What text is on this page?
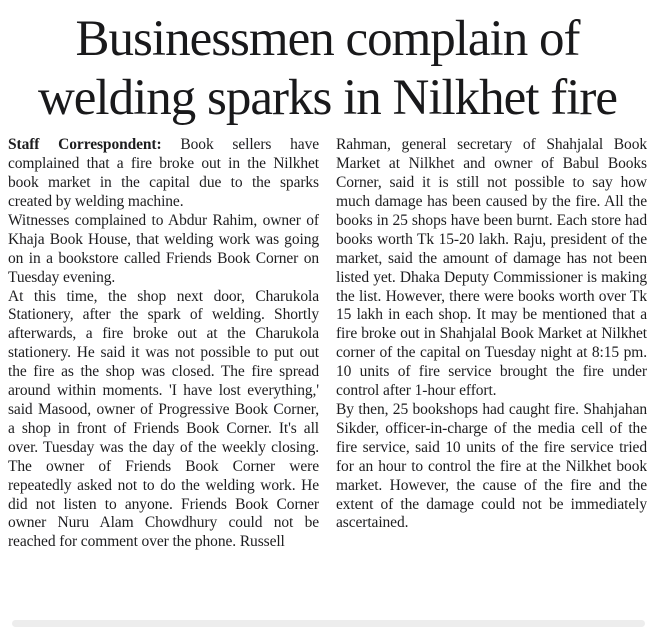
Businessmen complain of
welding sparks in Nilkhet fire

Staff Correspondent: Book sellers have complained that a fire broke out in the Nilkhet book market in the capital due to the sparks created by welding machine.

Witnesses complained to Abdur Rahim, owner of Khaja Book House, that welding work was going on in a bookstore called Friends Book Corner on Tuesday evening.

At this time, the shop next door, Charukola Stationery, after the spark of welding. Shortly afterwards, a fire broke out at the Charukola stationery. He said it was not possible to put out the fire as the shop was closed. The fire spread around within moments. 'I have lost everything,' said Masood, owner of Progressive Book Corner, a shop in front of Friends Book Corner. It's all over. Tuesday was the day of the weekly closing. The owner of Friends Book Corner were repeatedly asked not to do the welding work. He did not listen to anyone. Friends Book Corner owner Nuru Alam Chowdhury could not be reached for comment over the phone. Russell

Rahman, general secretary of Shahjalal Book Market at Nilkhet and owner of Babul Books Corner, said it is still not possible to say how much damage has been caused by the fire. All the books in 25 shops have been burnt. Each store had books worth Tk 15-20 lakh. Raju, president of the market, said the amount of damage has not been listed yet. Dhaka Deputy Commissioner is making the list. However, there were books worth over Tk 15 lakh in each shop. It may be mentioned that a fire broke out in Shahjalal Book Market at Nilkhet corner of the capital on Tuesday night at 8:15 pm. 10 units of fire service brought the fire under control after 1-hour effort.

By then, 25 bookshops had caught fire. Shahjahan Sikder, officer-in-charge of the media cell of the fire service, said 10 units of the fire service tried for an hour to control the fire at the Nilkhet book market. However, the cause of the fire and the extent of the damage could not be immediately ascertained.
